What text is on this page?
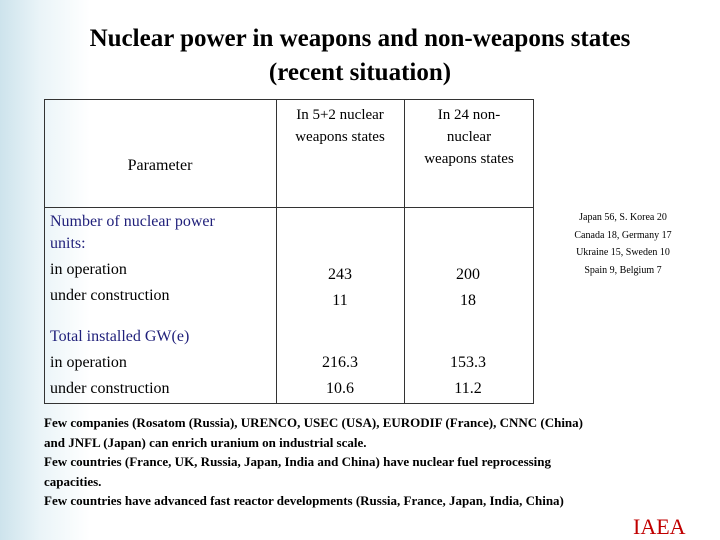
Nuclear power in weapons and non-weapons states
(recent situation)
Parameter
In 5+2 nuclear
weapons states
In 24 non-
nuclear
weapons states
Number of nuclear power
units:
in operation
under construction
243
11
200
18
Total installed GW(e)
in operation
under construction
216.3
10.6
153.3
11.2
Japan 56, S. Korea 20
Canada 18, Germany 17
Ukraine 15, Sweden 10
Spain 9, Belgium 7
Few companies (Rosatom (Russia), URENCO, USEC (USA), EURODIF (France), CNNC (China)
and JNFL (Japan) can enrich uranium on industrial scale.
Few countries (France, UK, Russia, Japan, India and China) have nuclear fuel reprocessing
capacities.
Few countries have advanced fast reactor developments (Russia, France, Japan, India, China)
IAEA
